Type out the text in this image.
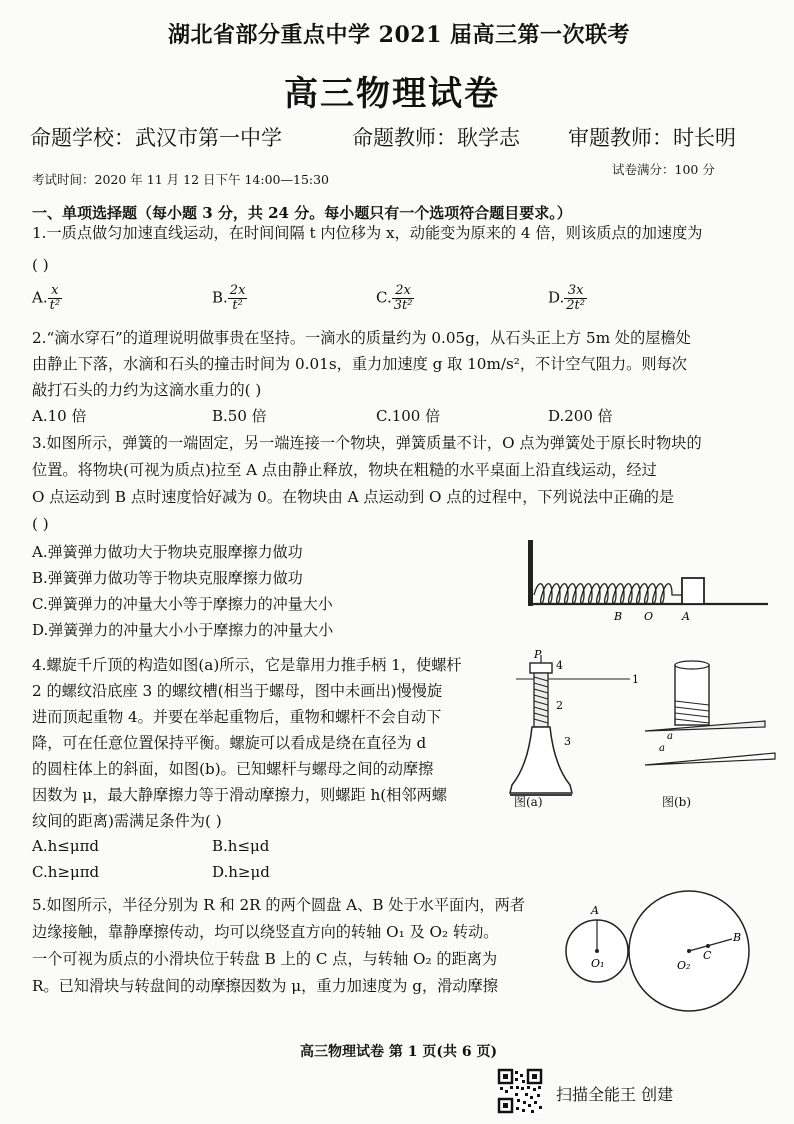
湖北省部分重点中学 2021 届高三第一次联考
高三物理试卷
命题学校：武汉市第一中学	命题教师：耿学志 审题教师：时长明
试卷满分：100 分
考试时间：2020 年 11 月 12 日下午 14:00—15:30
一、单项选择题（每小题 3 分，共 24 分。每小题只有一个选项符合题目要求。）
1.一质点做匀加速直线运动，在时间间隔 t 内位移为 x，动能变为原来的 4 倍，则该质点的加速度为
( )
A. $\frac{x}{\text{t²}}$	B. $\frac{2x}{\text{t²}}$	C. $\frac{2x}{\text{3t²}}$	D. $\frac{3x}{\text{2t²}}$
2.“滴水穿石”的道理说明做事贵在坚持。一滴水的质量约为 0.05g，从石头正上方 5m 处的屋檐处
由静止下落，水滴和石头的撞击时间为 0.01s，重力加速度 g 取 10m/s²，不计空气阻力。则每次
敲打石头的力约为这滴水重力的( )
A.10 倍	B.50 倍	C.100 倍	D.200 倍
3.如图所示，弹簧的一端固定，另一端连接一个物块，弹簧质量不计，O 点为弹簧处于原长时物块的
位置。将物块(可视为质点)拉至 A 点由静止释放，物块在粗糙的水平桌面上沿直线运动，经过
O 点运动到 B 点时速度恰好减为 0。在物块由 A 点运动到 O 点的过程中，下列说法中正确的是
( )
A.弹簧弹力做功大于物块克服摩擦力做功
B.弹簧弹力做功等于物块克服摩擦力做功
C.弹簧弹力的冲量大小等于摩擦力的冲量大小
D.弹簧弹力的冲量大小小于摩擦力的冲量大小
B O	A
4.螺旋千斤顶的构造如图(a)所示，它是靠用力推手柄 1，使螺杆
2 的螺纹沿底座 3 的螺纹槽(相当于螺母，图中未画出)慢慢旋
进而顶起重物 4。并要在举起重物后，重物和螺杆不会自动下
降，可在任意位置保持平衡。螺旋可以看成是绕在直径为 d
的圆柱体上的斜面，如图(b)。已知螺杆与螺母之间的动摩擦
因数为 μ，最大静摩擦力等于滑动摩擦力，则螺距 h(相邻两螺
纹间的距离)需满足条件为( )
A.h≤μπd	B.h≤μd
C.h≥μπd	D.h≥μd
P
4
1
2
3
图(a)
a
a
图(b)
5.如图所示，半径分别为 R 和 2R 的两个圆盘 A、B 处于水平面内，两者
边缘接触，靠静摩擦传动，均可以绕竖直方向的转轴 O₁ 及 O₂ 转动。
一个可视为质点的小滑块位于转盘 B 上的 C 点，与转轴 O₂ 的距离为
R。已知滑块与转盘间的动摩擦因数为 μ，重力加速度为 g，滑动摩擦
A
B
O₁	O₂
C
高三物理试卷 第 1 页(共 6 页)
扫描全能王 创建
